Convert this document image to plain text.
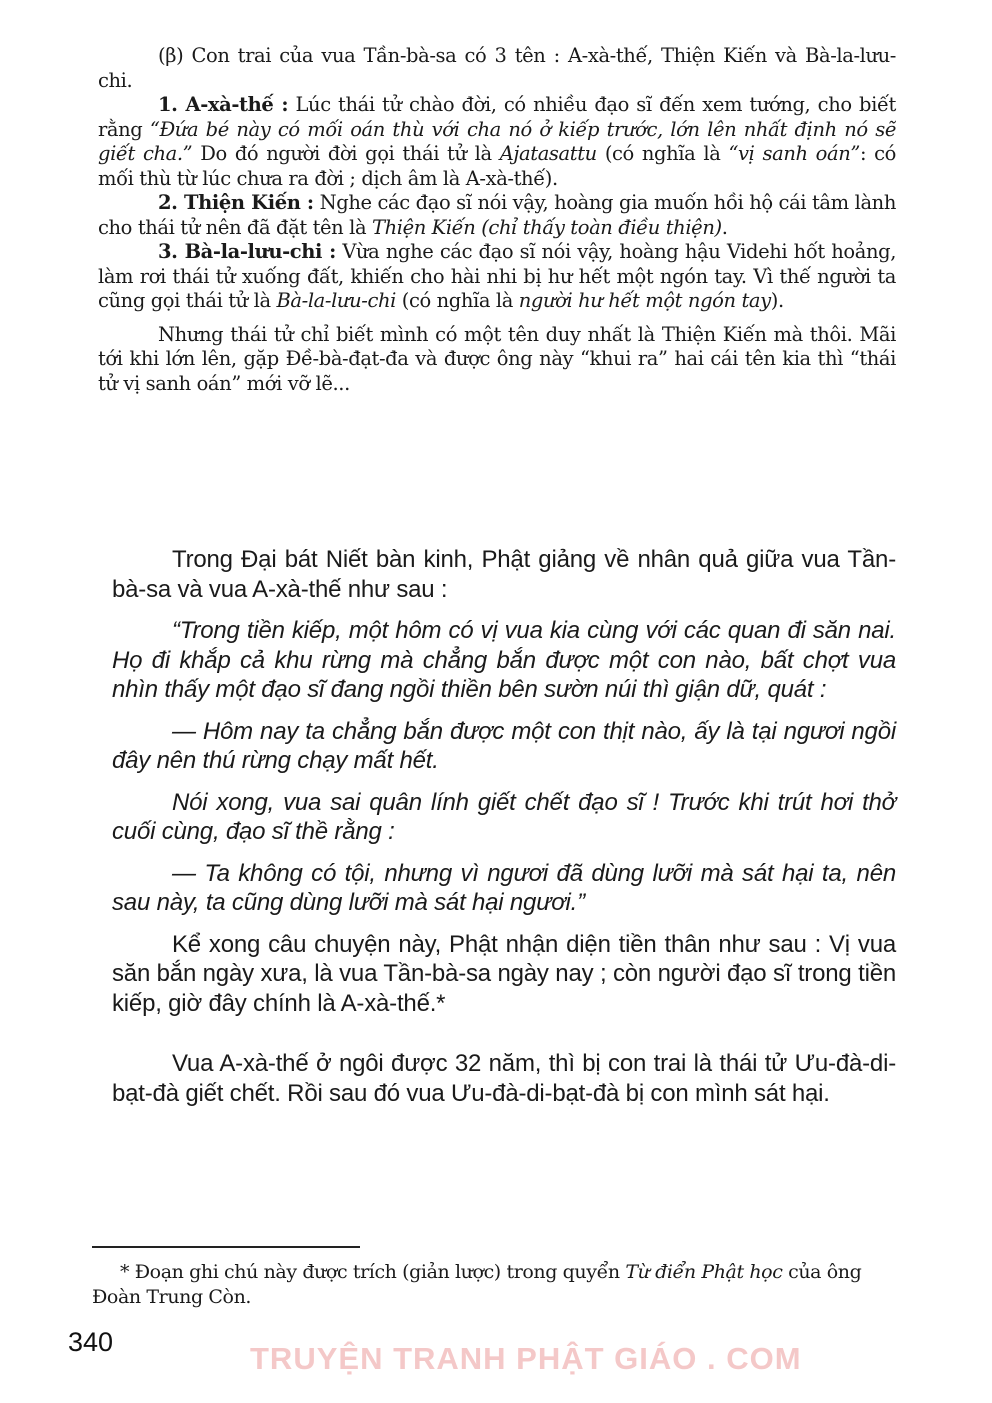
(β) Con trai của vua Tần-bà-sa có 3 tên : A-xà-thế, Thiện Kiến và Bà-la-lưu-chi.

1. A-xà-thế : Lúc thái tử chào đời, có nhiều đạo sĩ đến xem tướng, cho biết rằng “Đứa bé này có mối oán thù với cha nó ở kiếp trước, lớn lên nhất định nó sẽ giết cha.” Do đó người đời gọi thái tử là Ajatasattu (có nghĩa là “vị sanh oán”: có mối thù từ lúc chưa ra đời ; dịch âm là A-xà-thế).

2. Thiện Kiến : Nghe các đạo sĩ nói vậy, hoàng gia muốn hồi hộ cái tâm lành cho thái tử nên đã đặt tên là Thiện Kiến (chỉ thấy toàn điều thiện).

3. Bà-la-lưu-chi : Vừa nghe các đạo sĩ nói vậy, hoàng hậu Videhi hốt hoảng, làm rơi thái tử xuống đất, khiến cho hài nhi bị hư hết một ngón tay. Vì thế người ta cũng gọi thái tử là Bà-la-lưu-chi (có nghĩa là người hư hết một ngón tay).

Nhưng thái tử chỉ biết mình có một tên duy nhất là Thiện Kiến mà thôi. Mãi tới khi lớn lên, gặp Đề-bà-đạt-đa và được ông này “khui ra” hai cái tên kia thì “thái tử vị sanh oán” mới vỡ lẽ...

Trong Đại bát Niết bàn kinh, Phật giảng về nhân quả giữa vua Tần-bà-sa và vua A-xà-thế như sau :

“Trong tiền kiếp, một hôm có vị vua kia cùng với các quan đi săn nai. Họ đi khắp cả khu rừng mà chẳng bắn được một con nào, bất chợt vua nhìn thấy một đạo sĩ đang ngồi thiền bên sườn núi thì giận dữ, quát :

— Hôm nay ta chẳng bắn được một con thịt nào, ấy là tại ngươi ngồi đây nên thú rừng chạy mất hết.

Nói xong, vua sai quân lính giết chết đạo sĩ ! Trước khi trút hơi thở cuối cùng, đạo sĩ thề rằng :

— Ta không có tội, nhưng vì ngươi đã dùng lưỡi mà sát hại ta, nên sau này, ta cũng dùng lưỡi mà sát hại ngươi.”

Kể xong câu chuyện này, Phật nhận diện tiền thân như sau : Vị vua săn bắn ngày xưa, là vua Tần-bà-sa ngày nay ; còn người đạo sĩ trong tiền kiếp, giờ đây chính là A-xà-thế.*

Vua A-xà-thế ở ngôi được 32 năm, thì bị con trai là thái tử Ưu-đà-di-bạt-đà giết chết. Rồi sau đó vua Ưu-đà-di-bạt-đà bị con mình sát hại.

* Đoạn ghi chú này được trích (giản lược) trong quyển Từ điển Phật học của ông Đoàn Trung Còn.

340	TRUYỆN TRANH PHẬT GIÁO . COM
